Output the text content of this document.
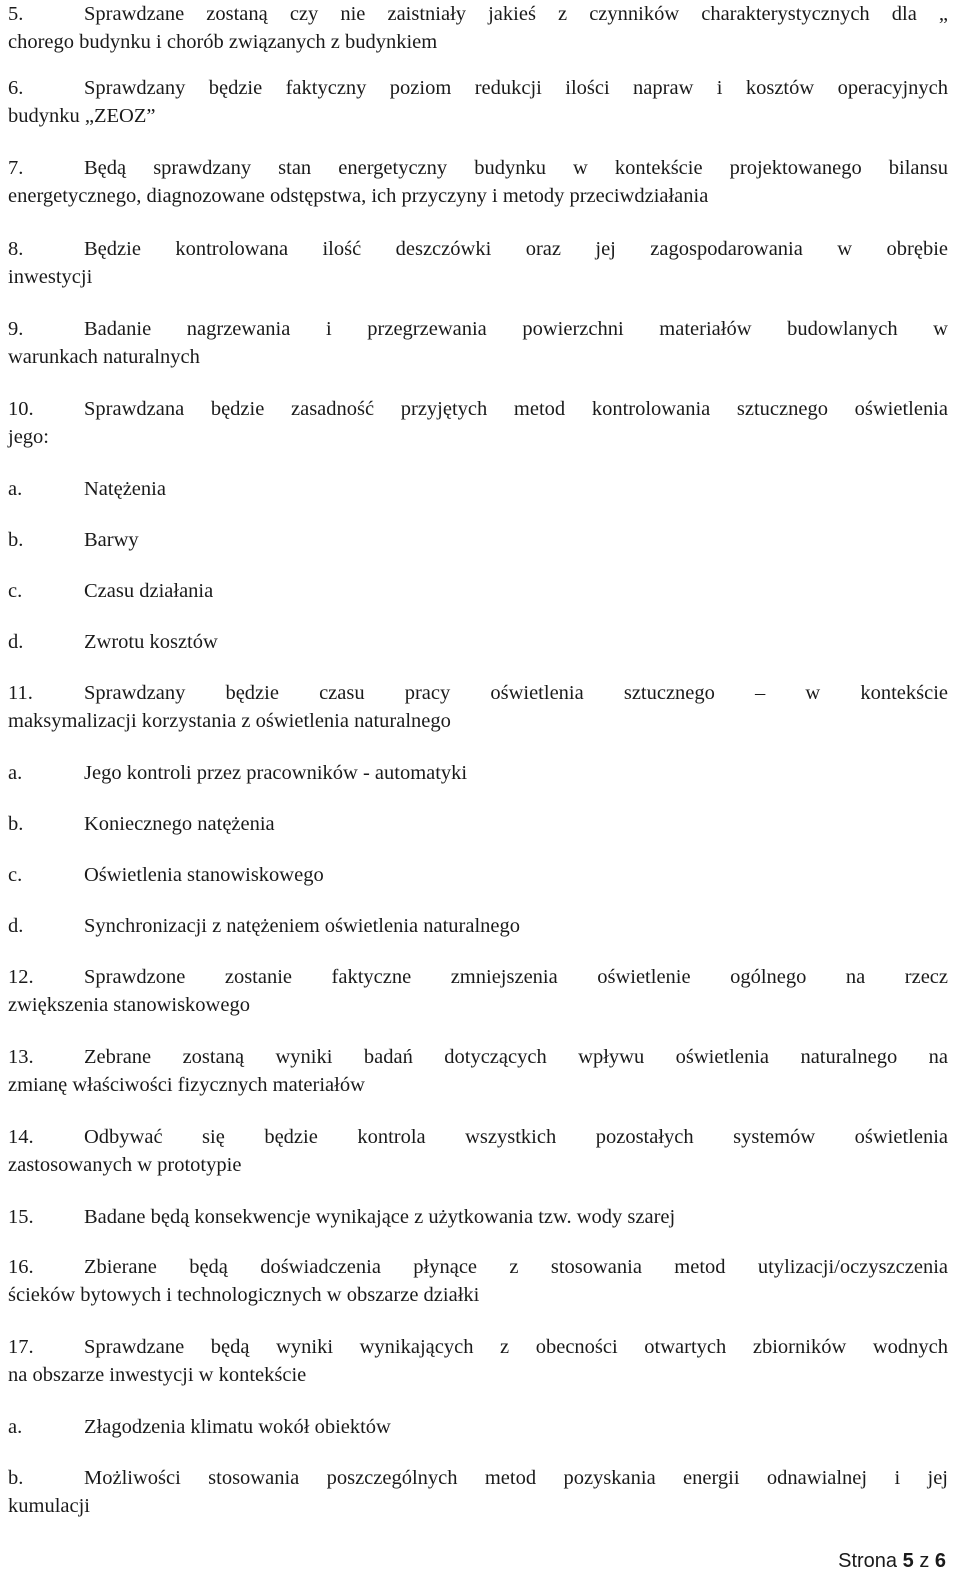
5.	Sprawdzane zostaną czy nie zaistniały jakieś z czynników charakterystycznych dla „
chorego budynku i chorób związanych z budynkiem
6.	Sprawdzany będzie faktyczny poziom redukcji ilości napraw i kosztów operacyjnych
budynku „ZEOZ”
7.	Będą sprawdzany stan energetyczny budynku w kontekście projektowanego bilansu
energetycznego, diagnozowane odstępstwa, ich przyczyny i metody przeciwdziałania
8.	Będzie kontrolowana ilość deszczówki oraz jej zagospodarowania w obrębie
inwestycji
9.	Badanie nagrzewania i przegrzewania powierzchni materiałów budowlanych w
warunkach naturalnych
10. Sprawdzana będzie zasadność przyjętych metod kontrolowania sztucznego oświetlenia
jego:
a.	Natężenia
b.	Barwy
c.	Czasu działania
d.	Zwrotu kosztów
11. Sprawdzany będzie czasu pracy oświetlenia sztucznego – w kontekście
maksymalizacji korzystania z oświetlenia naturalnego
a.	Jego kontroli przez pracowników - automatyki
b.	Koniecznego natężenia
c.	Oświetlenia stanowiskowego
d.	Synchronizacji z natężeniem oświetlenia naturalnego
12. Sprawdzone zostanie faktyczne zmniejszenia oświetlenie ogólnego na rzecz
zwiększenia stanowiskowego
13. Zebrane zostaną wyniki badań dotyczących wpływu oświetlenia naturalnego na
zmianę właściwości fizycznych materiałów
14. Odbywać się będzie kontrola wszystkich pozostałych systemów oświetlenia
zastosowanych w prototypie
15. Badane będą konsekwencje wynikające z użytkowania tzw. wody szarej
16. Zbierane będą doświadczenia płynące z stosowania metod utylizacji/oczyszczenia
ścieków bytowych i technologicznych w obszarze działki
17. Sprawdzane będą wyniki wynikających z obecności otwartych zbiorników wodnych
na obszarze inwestycji w kontekście
a.	Złagodzenia klimatu wokół obiektów
b.	Możliwości stosowania poszczególnych metod pozyskania energii odnawialnej i jej
kumulacji
Strona 5 z 6
